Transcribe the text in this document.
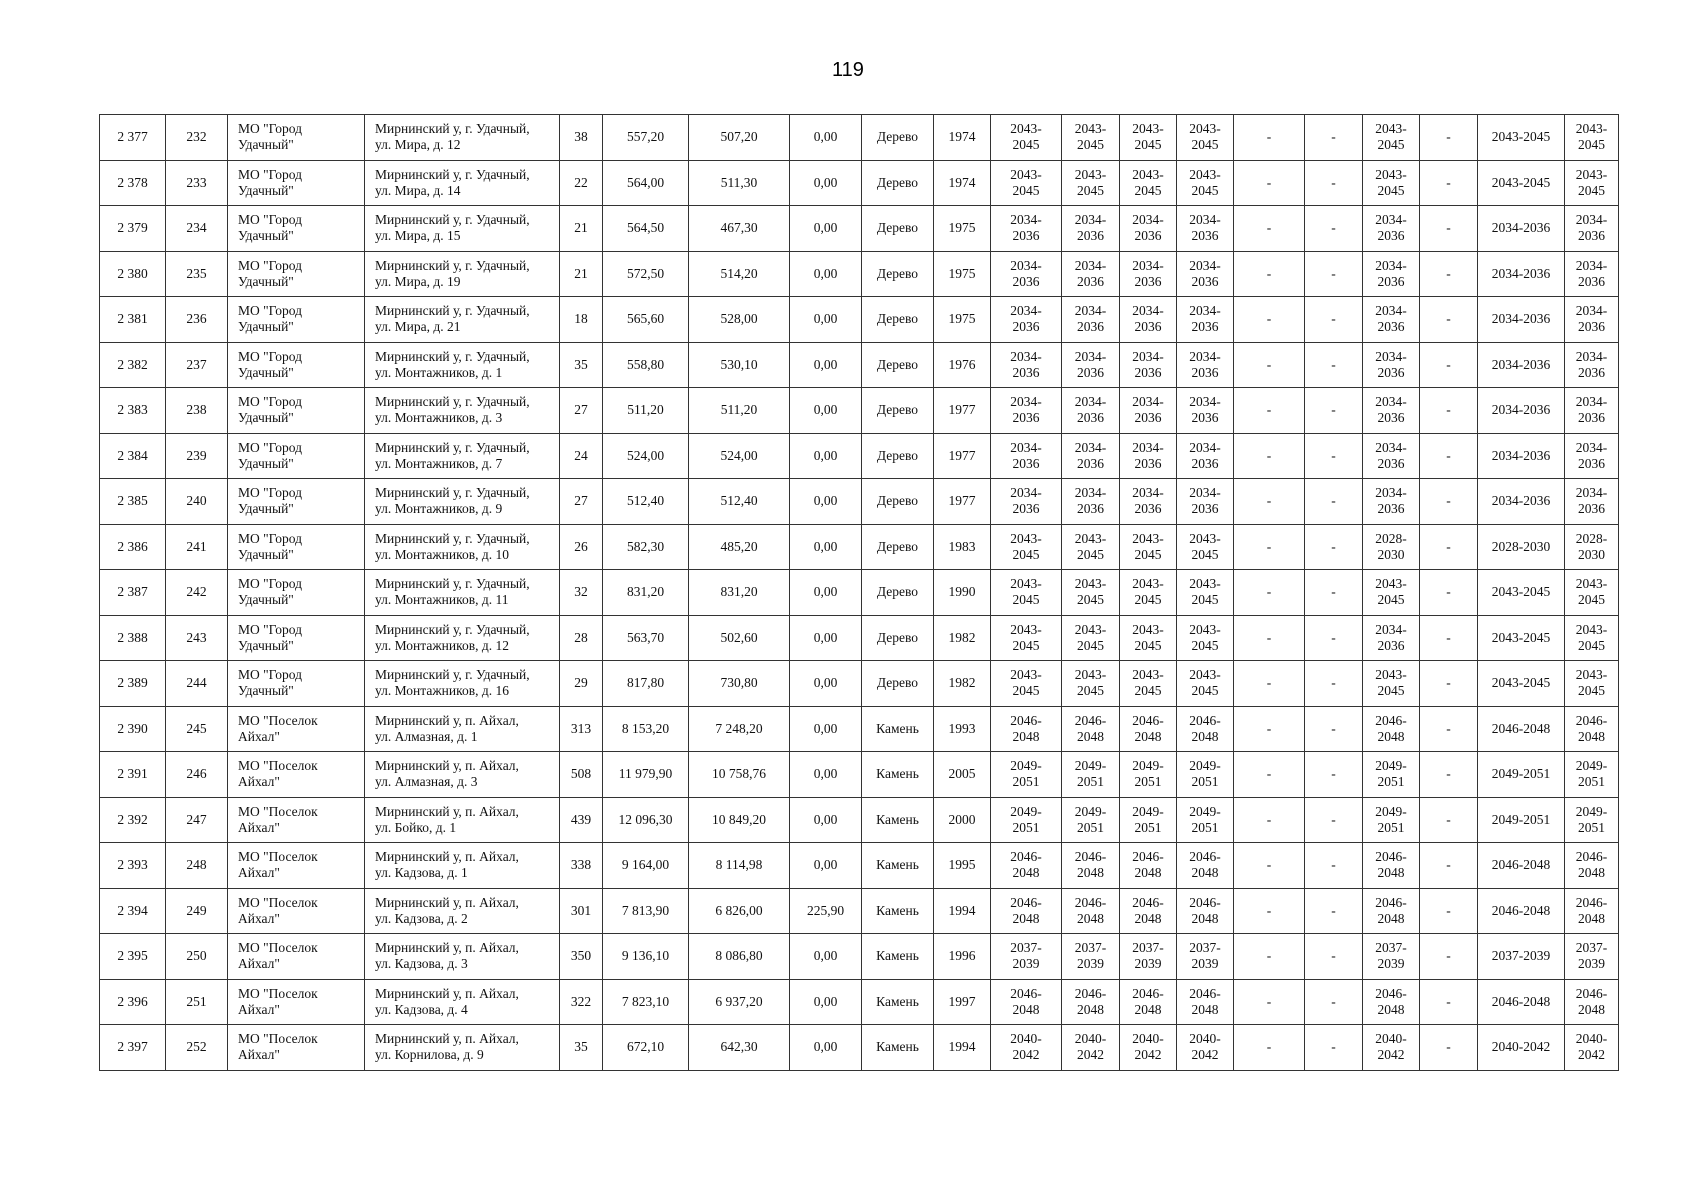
119
2 377	232	МО "Город
Удачный"	Мирнинский у, г. Удачный,
ул. Мира, д. 12	38	557,20	507,20	0,00	Дерево	1974	2043-
2045	2043-
2045	2043-
2045	2043-
2045	-	-	2043-
2045	-	2043-2045	2043-
2045

2 378	233	МО "Город
Удачный"	Мирнинский у, г. Удачный,
ул. Мира, д. 14	22	564,00	511,30	0,00	Дерево	1974	2043-
2045	2043-
2045	2043-
2045	2043-
2045	-	-	2043-
2045	-	2043-2045	2043-
2045

2 379	234	МО "Город
Удачный"	Мирнинский у, г. Удачный,
ул. Мира, д. 15	21	564,50	467,30	0,00	Дерево	1975	2034-
2036	2034-
2036	2034-
2036	2034-
2036	-	-	2034-
2036	-	2034-2036	2034-
2036

2 380	235	МО "Город
Удачный"	Мирнинский у, г. Удачный,
ул. Мира, д. 19	21	572,50	514,20	0,00	Дерево	1975	2034-
2036	2034-
2036	2034-
2036	2034-
2036	-	-	2034-
2036	-	2034-2036	2034-
2036

2 381	236	МО "Город
Удачный"	Мирнинский у, г. Удачный,
ул. Мира, д. 21	18	565,60	528,00	0,00	Дерево	1975	2034-
2036	2034-
2036	2034-
2036	2034-
2036	-	-	2034-
2036	-	2034-2036	2034-
2036

2 382	237	МО "Город
Удачный"	Мирнинский у, г. Удачный,
ул. Монтажников, д. 1	35	558,80	530,10	0,00	Дерево	1976	2034-
2036	2034-
2036	2034-
2036	2034-
2036	-	-	2034-
2036	-	2034-2036	2034-
2036

2 383	238	МО "Город
Удачный"	Мирнинский у, г. Удачный,
ул. Монтажников, д. 3	27	511,20	511,20	0,00	Дерево	1977	2034-
2036	2034-
2036	2034-
2036	2034-
2036	-	-	2034-
2036	-	2034-2036	2034-
2036

2 384	239	МО "Город
Удачный"	Мирнинский у, г. Удачный,
ул. Монтажников, д. 7	24	524,00	524,00	0,00	Дерево	1977	2034-
2036	2034-
2036	2034-
2036	2034-
2036	-	-	2034-
2036	-	2034-2036	2034-
2036

2 385	240	МО "Город
Удачный"	Мирнинский у, г. Удачный,
ул. Монтажников, д. 9	27	512,40	512,40	0,00	Дерево	1977	2034-
2036	2034-
2036	2034-
2036	2034-
2036	-	-	2034-
2036	-	2034-2036	2034-
2036

2 386	241	МО "Город
Удачный"	Мирнинский у, г. Удачный,
ул. Монтажников, д. 10	26	582,30	485,20	0,00	Дерево	1983	2043-
2045	2043-
2045	2043-
2045	2043-
2045	-	-	2028-
2030	-	2028-2030	2028-
2030

2 387	242	МО "Город
Удачный"	Мирнинский у, г. Удачный,
ул. Монтажников, д. 11	32	831,20	831,20	0,00	Дерево	1990	2043-
2045	2043-
2045	2043-
2045	2043-
2045	-	-	2043-
2045	-	2043-2045	2043-
2045

2 388	243	МО "Город
Удачный"	Мирнинский у, г. Удачный,
ул. Монтажников, д. 12	28	563,70	502,60	0,00	Дерево	1982	2043-
2045	2043-
2045	2043-
2045	2043-
2045	-	-	2034-
2036	-	2043-2045	2043-
2045

2 389	244	МО "Город
Удачный"	Мирнинский у, г. Удачный,
ул. Монтажников, д. 16	29	817,80	730,80	0,00	Дерево	1982	2043-
2045	2043-
2045	2043-
2045	2043-
2045	-	-	2043-
2045	-	2043-2045	2043-
2045

2 390	245	МО "Поселок
Айхал"	Мирнинский у, п. Айхал,
ул. Алмазная, д. 1	313	8 153,20	7 248,20	0,00	Камень	1993	2046-
2048	2046-
2048	2046-
2048	2046-
2048	-	-	2046-
2048	-	2046-2048	2046-
2048

2 391	246	МО "Поселок
Айхал"	Мирнинский у, п. Айхал,
ул. Алмазная, д. 3	508	11 979,90	10 758,76	0,00	Камень	2005	2049-
2051	2049-
2051	2049-
2051	2049-
2051	-	-	2049-
2051	-	2049-2051	2049-
2051

2 392	247	МО "Поселок
Айхал"	Мирнинский у, п. Айхал,
ул. Бойко, д. 1	439	12 096,30	10 849,20	0,00	Камень	2000	2049-
2051	2049-
2051	2049-
2051	2049-
2051	-	-	2049-
2051	-	2049-2051	2049-
2051

2 393	248	МО "Поселок
Айхал"	Мирнинский у, п. Айхал,
ул. Кадзова, д. 1	338	9 164,00	8 114,98	0,00	Камень	1995	2046-
2048	2046-
2048	2046-
2048	2046-
2048	-	-	2046-
2048	-	2046-2048	2046-
2048

2 394	249	МО "Поселок
Айхал"	Мирнинский у, п. Айхал,
ул. Кадзова, д. 2	301	7 813,90	6 826,00	225,90	Камень	1994	2046-
2048	2046-
2048	2046-
2048	2046-
2048	-	-	2046-
2048	-	2046-2048	2046-
2048

2 395	250	МО "Поселок
Айхал"	Мирнинский у, п. Айхал,
ул. Кадзова, д. 3	350	9 136,10	8 086,80	0,00	Камень	1996	2037-
2039	2037-
2039	2037-
2039	2037-
2039	-	-	2037-
2039	-	2037-2039	2037-
2039

2 396	251	МО "Поселок
Айхал"	Мирнинский у, п. Айхал,
ул. Кадзова, д. 4	322	7 823,10	6 937,20	0,00	Камень	1997	2046-
2048	2046-
2048	2046-
2048	2046-
2048	-	-	2046-
2048	-	2046-2048	2046-
2048

2 397	252	МО "Поселок
Айхал"	Мирнинский у, п. Айхал,
ул. Корнилова, д. 9	35	672,10	642,30	0,00	Камень	1994	2040-
2042	2040-
2042	2040-
2042	2040-
2042	-	-	2040-
2042	-	2040-2042	2040-
2042
